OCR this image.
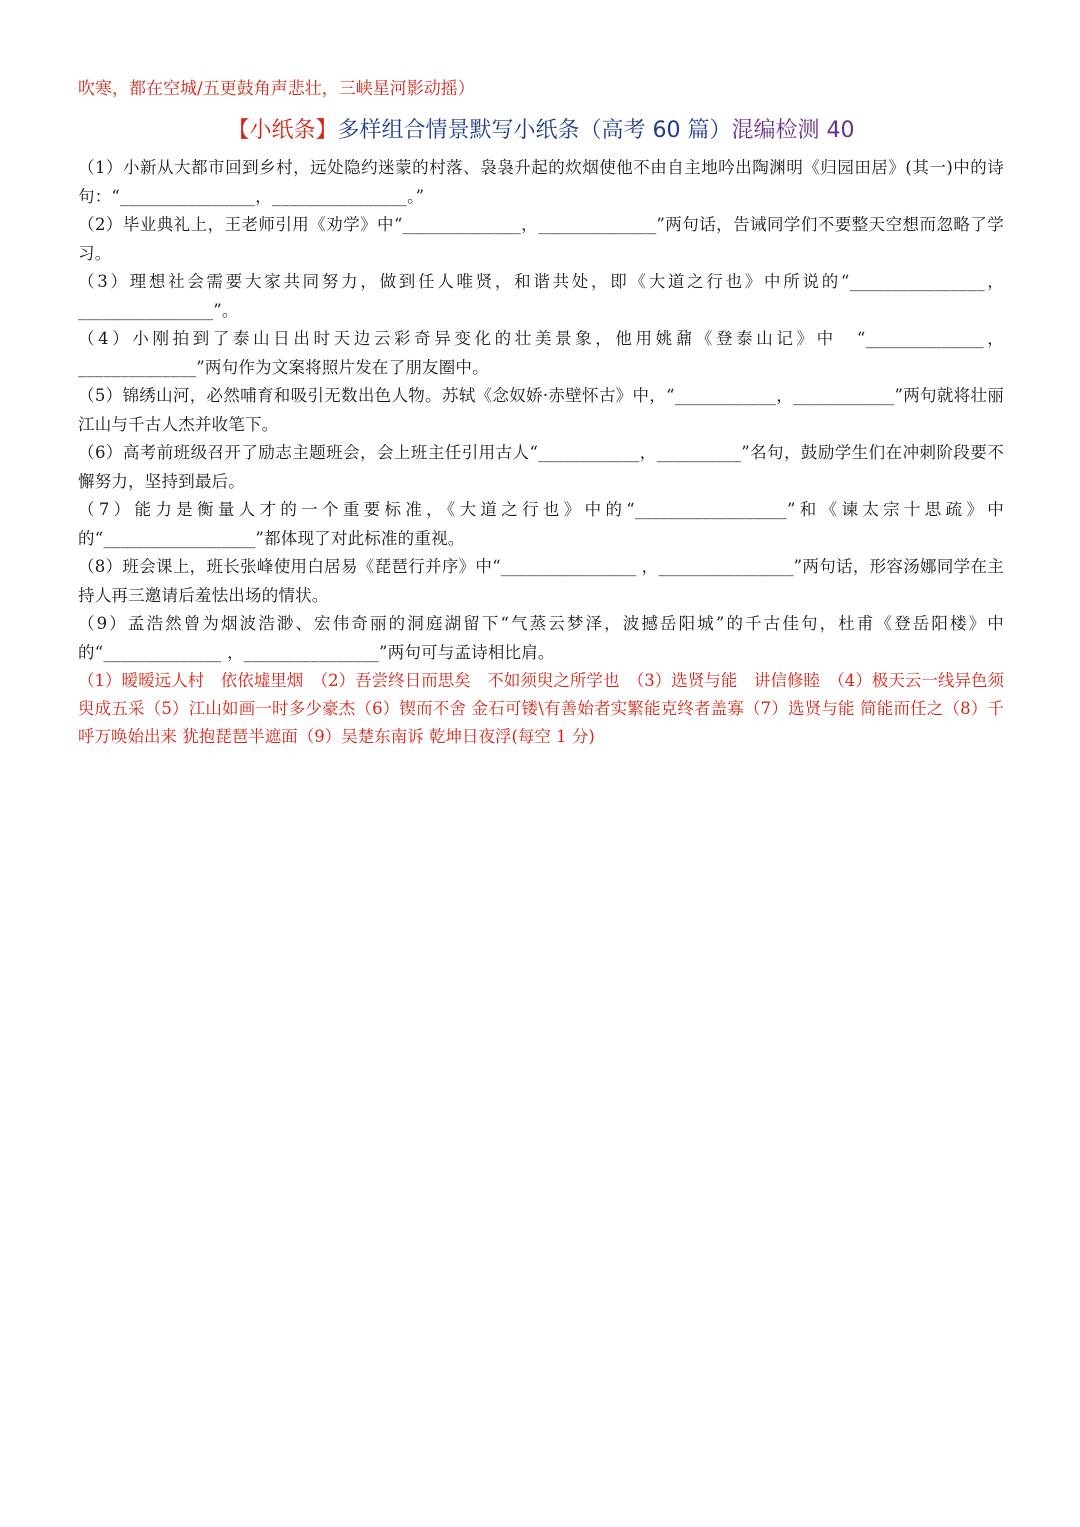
吹寒，都在空城/五更鼓角声悲壮，三峡星河影动摇）
【小纸条】多样组合情景默写小纸条（高考 60 篇）混编检测 40
（1）小新从大都市回到乡村，远处隐约迷蒙的村落、袅袅升起的炊烟使他不由自主地吟出陶渊明《归园田居》(其一)中的诗句：“________________，________________。”
（2）毕业典礼上，王老师引用《劝学》中“______________，______________”两句话，告诫同学们不要整天空想而忽略了学习。
（3）理想社会需要大家共同努力，做到任人唯贤，和谐共处，即《大道之行也》中所说的“________________，________________”。
（4）小刚拍到了泰山日出时天边云彩奇异变化的壮美景象，他用姚鼐《登泰山记》中　“______________，______________”两句作为文案将照片发在了朋友圈中。
（5）锦绣山河，必然哺育和吸引无数出色人物。苏轼《念奴娇·赤壁怀古》中，“____________，____________”两句就将壮丽江山与千古人杰并收笔下。
（6）高考前班级召开了励志主题班会，会上班主任引用古人“____________，__________”名句，鼓励学生们在冲刺阶段要不懈努力，坚持到最后。
（7）能力是衡量人才的一个重要标准，《大道之行也》中的“__________________”和《谏太宗十思疏》中的“__________________”都体现了对此标准的重视。
（8）班会课上，班长张峰使用白居易《琵琶行并序》中“________________ ，________________”两句话，形容汤娜同学在主持人再三邀请后羞怯出场的情状。
（9）孟浩然曾为烟波浩渺、宏伟奇丽的洞庭湖留下“气蒸云梦泽，波撼岳阳城”的千古佳句，杜甫《登岳阳楼》中的“______________ ，________________”两句可与孟诗相比肩。
（1）暧暧远人村　依依墟里烟　（2）吾尝终日而思矣　不如须臾之所学也　（3）选贤与能　讲信修睦　（4）极天云一线异色须臾成五采（5）江山如画一时多少豪杰（6）锲而不舍 金石可镂\有善始者实繁能克终者盖寡（7）选贤与能 简能而任之（8）千呼万唤始出来 犹抱琵琶半遮面（9）吴楚东南诉 乾坤日夜浮(每空 1 分)
